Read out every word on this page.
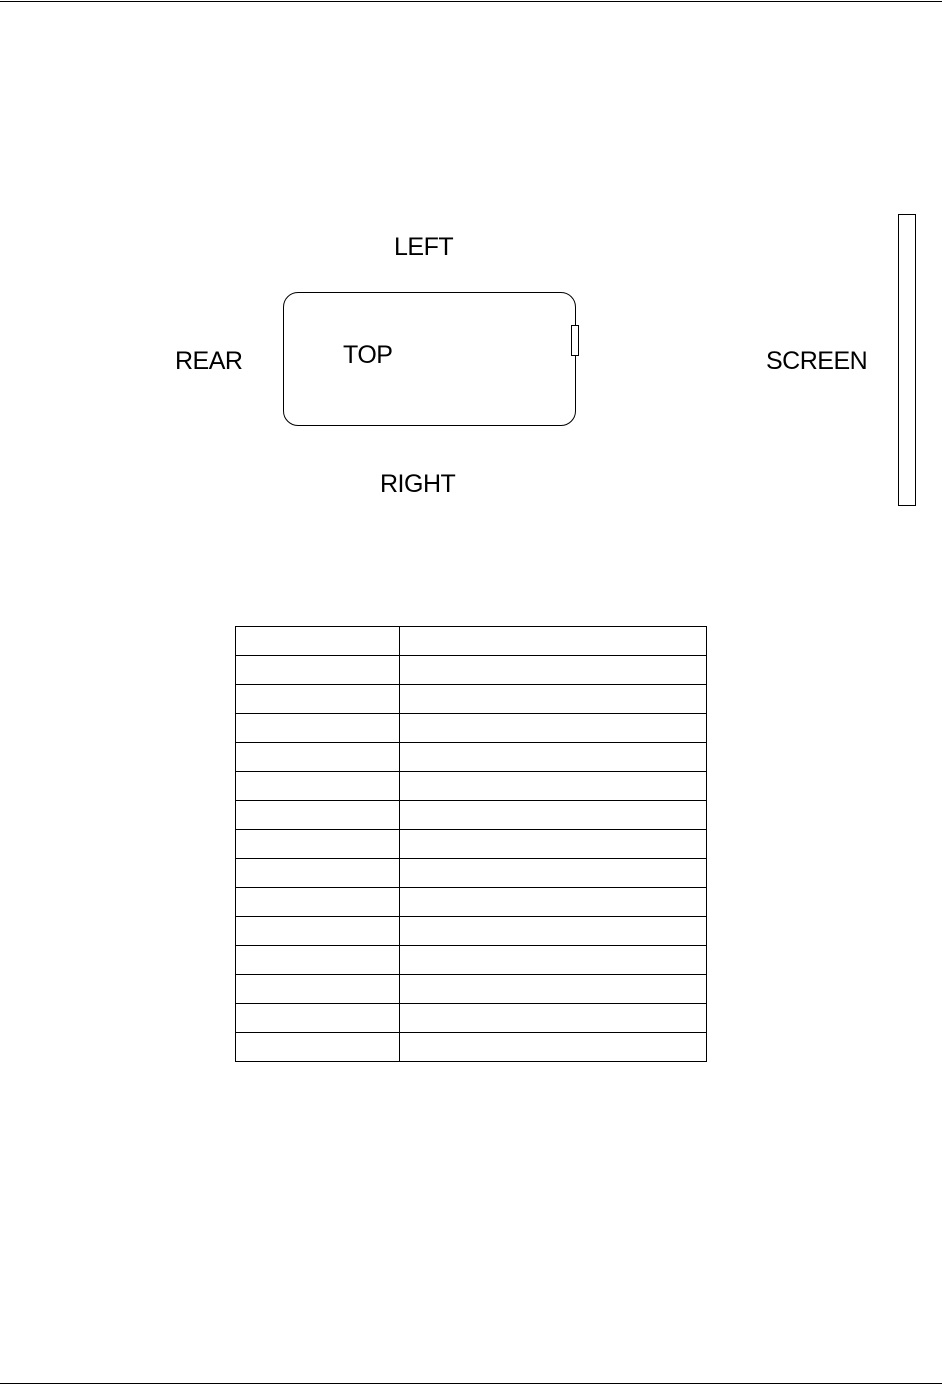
LEFT
REAR	TOP	SCREEN
RIGHT
